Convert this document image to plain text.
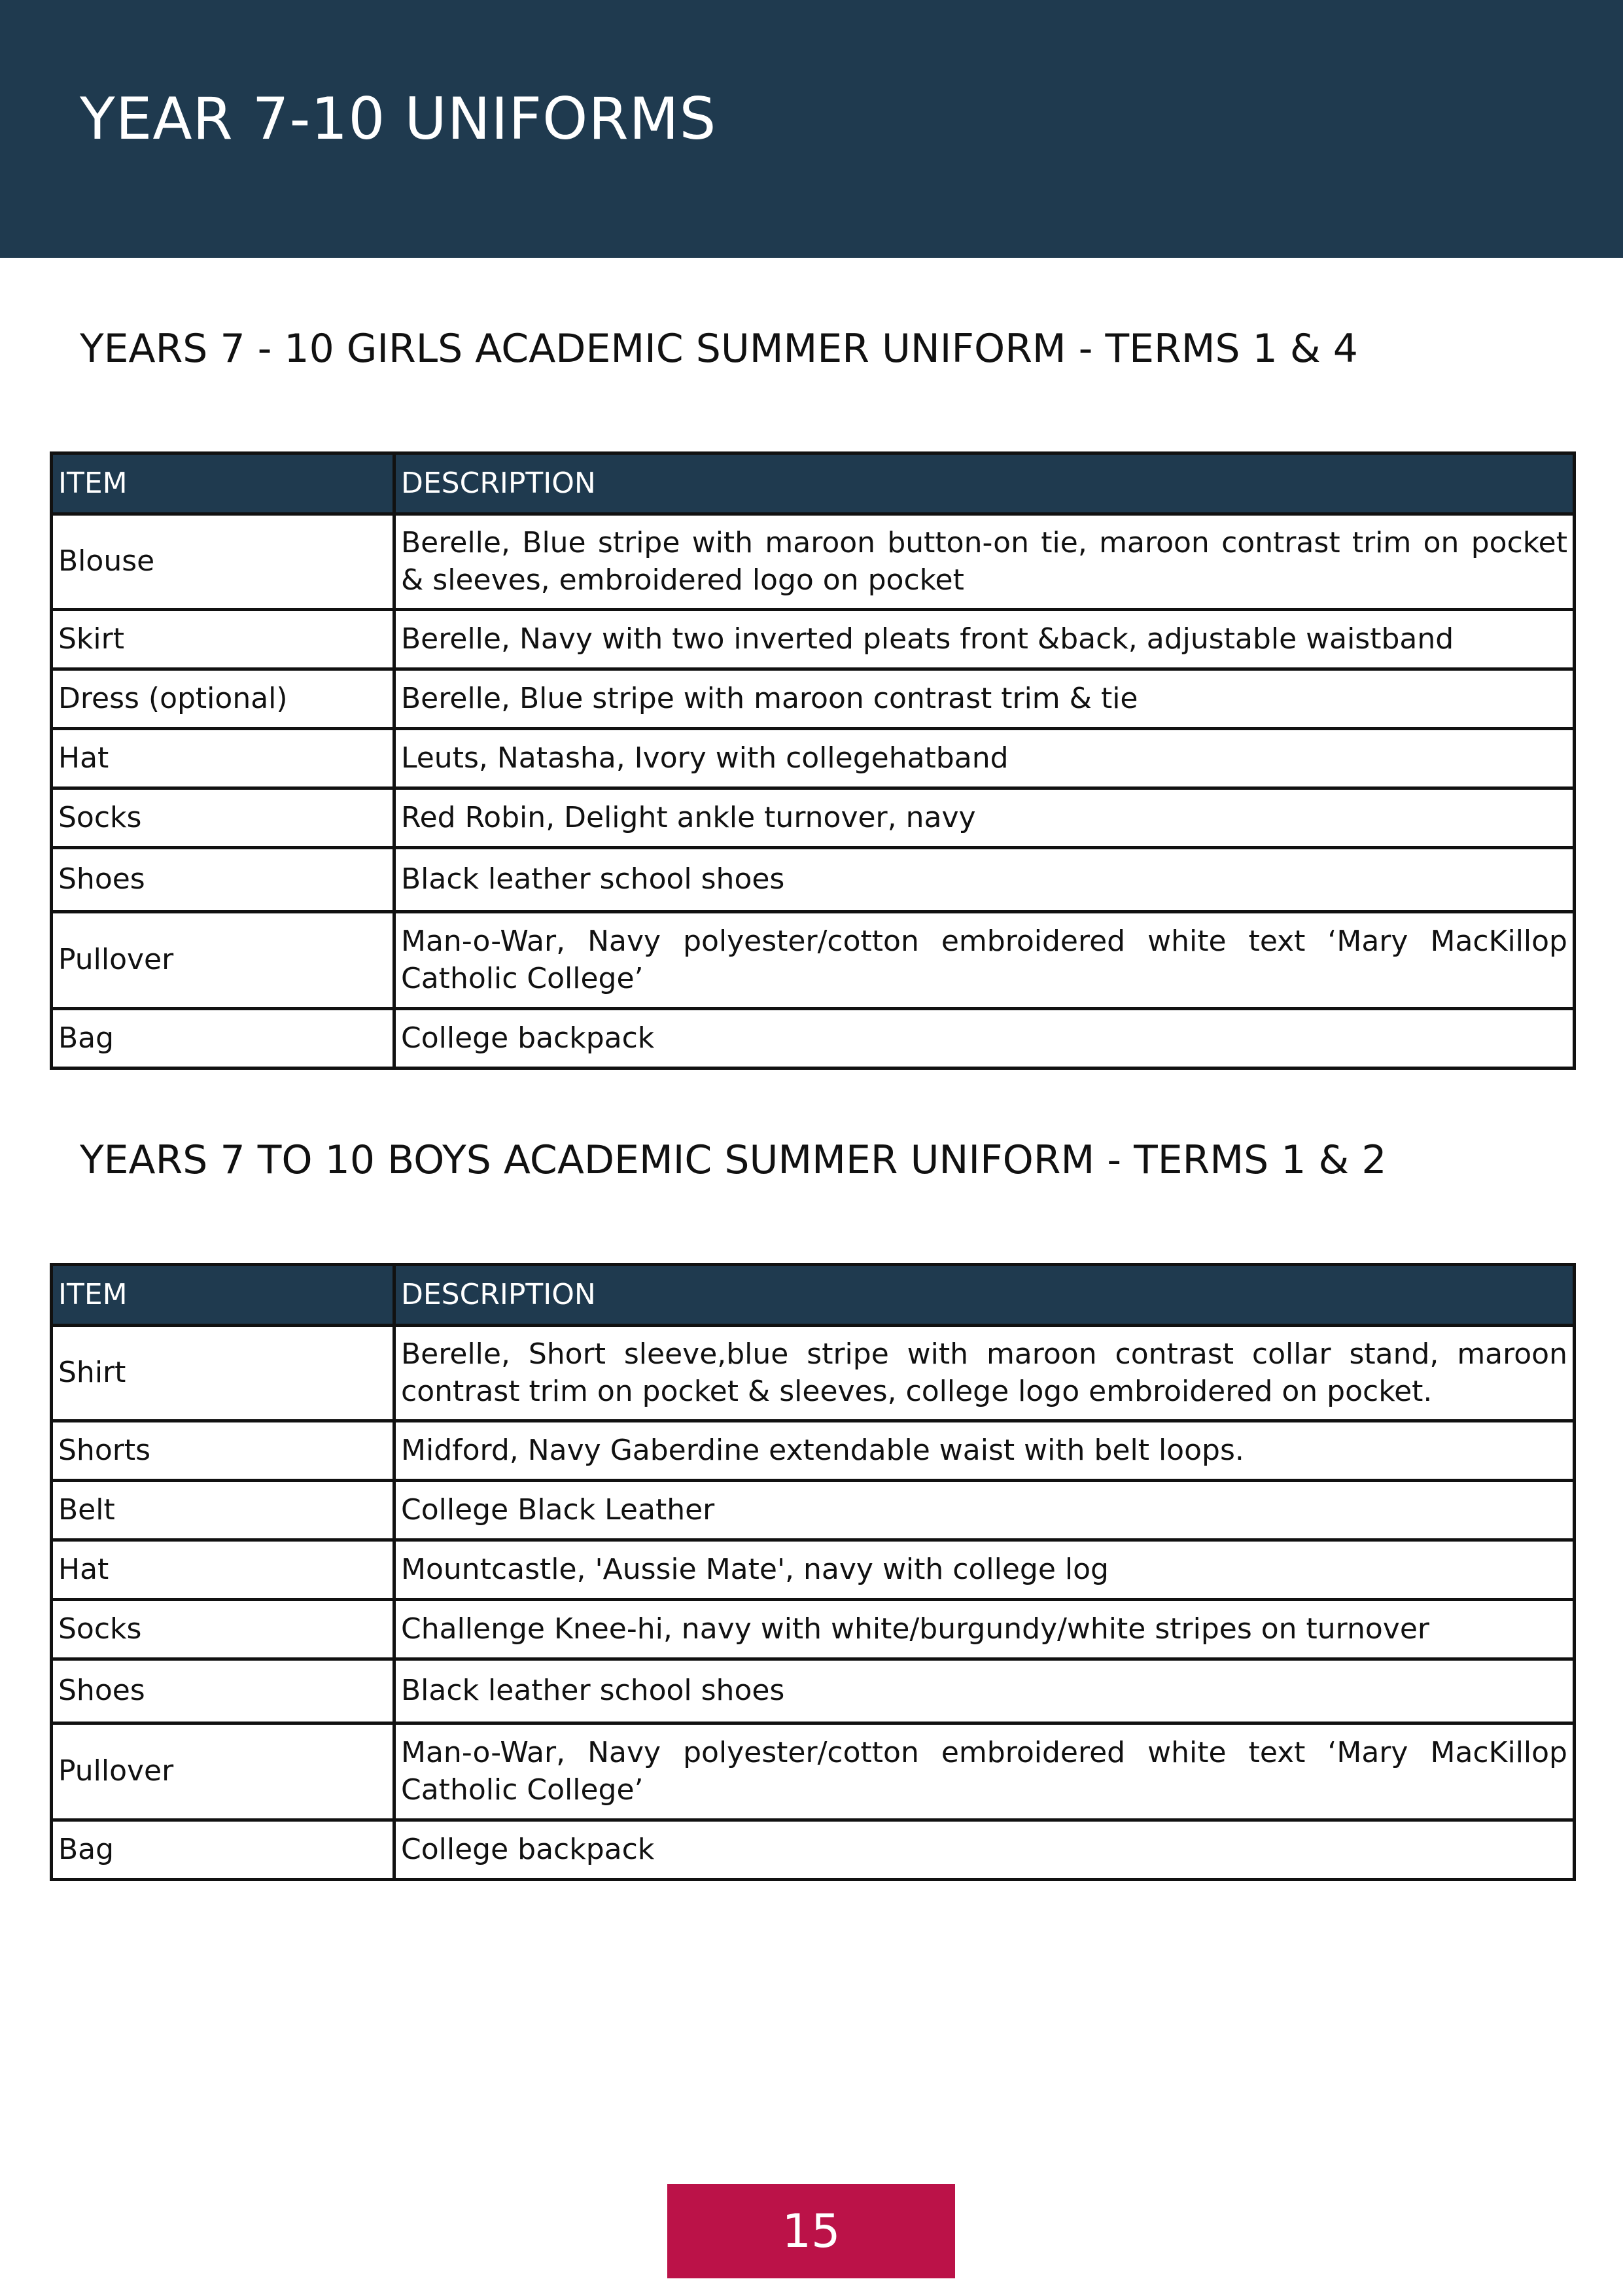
YEAR 7-10 UNIFORMS
YEARS 7 - 10 GIRLS ACADEMIC SUMMER UNIFORM - TERMS 1 & 4
ITEM	DESCRIPTION
Blouse	Berelle, Blue stripe with maroon button-on tie, maroon contrast trim on pocket & sleeves, embroidered logo on pocket
Skirt	Berelle, Navy with two inverted pleats front &back, adjustable waistband
Dress (optional)	Berelle, Blue stripe with maroon contrast trim & tie
Hat	Leuts, Natasha, Ivory with collegehatband
Socks	Red Robin, Delight ankle turnover, navy
Shoes	Black leather school shoes
Pullover	Man-o-War, Navy polyester/cotton embroidered white text ‘Mary MacKillop Catholic College’
Bag	College backpack
YEARS 7 TO 10 BOYS ACADEMIC SUMMER UNIFORM - TERMS 1 & 2
ITEM	DESCRIPTION
Shirt	Berelle, Short sleeve,blue stripe with maroon contrast collar stand, maroon contrast trim on pocket & sleeves, college logo embroidered on pocket.
Shorts	Midford, Navy Gaberdine extendable waist with belt loops.
Belt	College Black Leather
Hat	Mountcastle, 'Aussie Mate', navy with college log
Socks	Challenge Knee-hi, navy with white/burgundy/white stripes on turnover
Shoes	Black leather school shoes
Pullover	Man-o-War, Navy polyester/cotton embroidered white text ‘Mary MacKillop Catholic College’
Bag	College backpack
15
